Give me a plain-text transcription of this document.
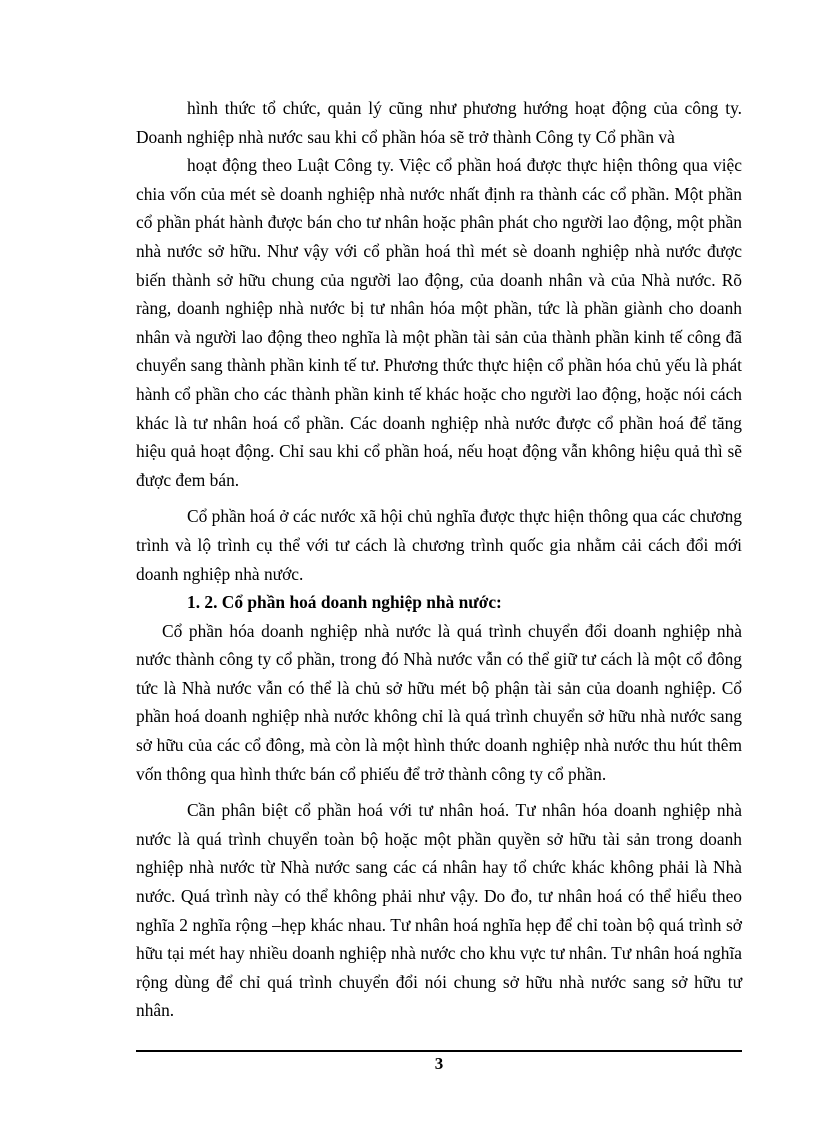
hình thức tổ chức, quản lý cũng như phương hướng hoạt động của công ty. Doanh nghiệp nhà nước sau khi cổ phần hóa sẽ trở thành Công ty Cổ phần và

hoạt động theo Luật Công ty. Việc cổ phần hoá được thực hiện thông qua việc chia vốn của mét sè doanh nghiệp nhà nước nhất định ra thành các cổ phần. Một phần cổ phần phát hành được bán cho tư nhân hoặc phân phát cho người lao động, một phần nhà nước sở hữu. Như vậy với cổ phần hoá thì mét sè doanh nghiệp nhà nước được biến thành sở hữu chung của người lao động, của doanh nhân và của Nhà nước. Rõ ràng, doanh nghiệp nhà nước bị tư nhân hóa một phần, tức là phần giành cho doanh nhân và người lao động theo nghĩa là một phần tài sản của thành phần kinh tế công đã chuyển sang thành phần kinh tế tư. Phương thức thực hiện cổ phần hóa chủ yếu là phát hành cổ phần cho các thành phần kinh tế khác hoặc cho người lao động, hoặc nói cách khác là tư nhân hoá cổ phần. Các doanh nghiệp nhà nước được cổ phần hoá để tăng hiệu quả hoạt động. Chỉ sau khi cổ phần hoá, nếu hoạt động vẫn không hiệu quả thì sẽ được đem bán.

Cổ phần hoá ở các nước xã hội chủ nghĩa được thực hiện thông qua các chương trình và lộ trình cụ thể với tư cách là chương trình quốc gia nhằm cải cách đổi mới doanh nghiệp nhà nước.

1. 2. Cổ phần hoá doanh nghiệp nhà nước:

Cổ phần hóa doanh nghiệp nhà nước là quá trình chuyển đổi doanh nghiệp nhà nước thành công ty cổ phần, trong đó Nhà nước vẫn có thể giữ tư cách là một cổ đông tức là Nhà nước vẫn có thể là chủ sở hữu mét bộ phận tài sản của doanh nghiệp. Cổ phần hoá doanh nghiệp nhà nước không chỉ là quá trình chuyển sở hữu nhà nước sang sở hữu của các cổ đông, mà còn là một hình thức doanh nghiệp nhà nước thu hút thêm vốn thông qua hình thức bán cổ phiếu để trở thành công ty cổ phần.

Cần phân biệt cổ phần hoá với tư nhân hoá. Tư nhân hóa doanh nghiệp nhà nước là quá trình chuyển toàn bộ hoặc một phần quyền sở hữu tài sản trong doanh nghiệp nhà nước từ Nhà nước sang các cá nhân hay tổ chức khác không phải là Nhà nước. Quá trình này có thể không phải như vậy. Do đo, tư nhân hoá có thể hiểu theo nghĩa 2 nghĩa rộng –hẹp khác nhau. Tư nhân hoá nghĩa hẹp để chỉ toàn bộ quá trình sở hữu tại mét hay nhiều doanh nghiệp nhà nước cho khu vực tư nhân. Tư nhân hoá nghĩa rộng dùng để chỉ quá trình chuyển đổi nói chung sở hữu nhà nước sang sở hữu tư nhân.

3
